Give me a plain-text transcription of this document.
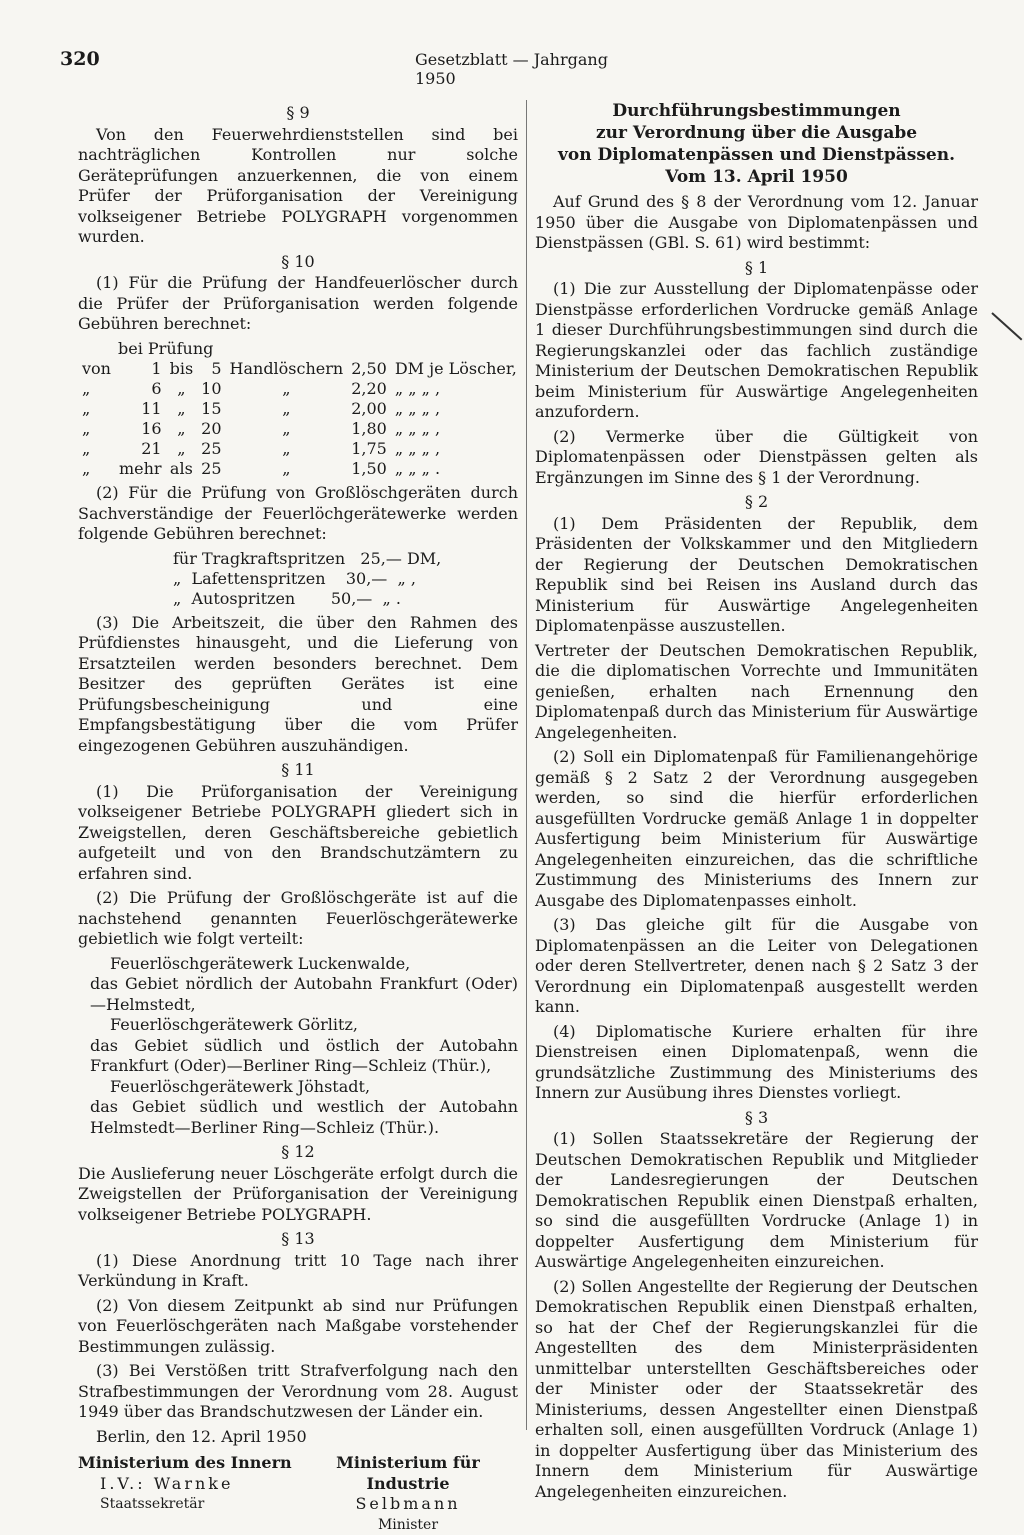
320	Gesetzblatt — Jahrgang 1950
§ 9

Von den Feuerwehrdienststellen sind bei nachträglichen Kontrollen nur solche Geräteprüfungen anzuerkennen, die von einem Prüfer der Prüforganisation der Vereinigung volkseigener Betriebe POLYGRAPH vorgenommen wurden.

§ 10

(1) Für die Prüfung der Handfeuerlöscher durch die Prüfer der Prüforganisation werden folgende Gebühren berechnet:

bei Prüfung
von	1	bis	5	Handlöschern	2,50	DM je Löscher,
„	6	„	10	„	2,20	„ „ „ ,
„	11	„	15	„	2,00	„ „ „ ,
„	16	„	20	„	1,80	„ „ „ ,
„	21	„	25	„	1,75	„ „ „ ,
„	mehr	als	25	„	1,50	„ „ „ .

(2) Für die Prüfung von Großlöschgeräten durch Sachverständige der Feuerlöchgerätewerke werden folgende Gebühren berechnet:

für Tragkraftspritzen   25,— DM,
„  Lafettenspritzen    30,—  „ ,
„  Autospritzen       50,—  „ .

(3) Die Arbeitszeit, die über den Rahmen des Prüfdienstes hinausgeht, und die Lieferung von Ersatzteilen werden besonders berechnet. Dem Besitzer des geprüften Gerätes ist eine Prüfungsbescheinigung und eine Empfangsbestätigung über die vom Prüfer eingezogenen Gebühren auszuhändigen.

§ 11

(1) Die Prüforganisation der Vereinigung volkseigener Betriebe POLYGRAPH gliedert sich in Zweigstellen, deren Geschäftsbereiche gebietlich aufgeteilt und von den Brandschutzämtern zu erfahren sind.

(2) Die Prüfung der Großlöschgeräte ist auf die nachstehend genannten Feuerlöschgerätewerke gebietlich wie folgt verteilt:

Feuerlöschgerätewerk Luckenwalde,
das Gebiet nördlich der Autobahn Frankfurt (Oder)—Helmstedt,
Feuerlöschgerätewerk Görlitz,
das Gebiet südlich und östlich der Autobahn Frankfurt (Oder)—Berliner Ring—Schleiz (Thür.),
Feuerlöschgerätewerk Jöhstadt,
das Gebiet südlich und westlich der Autobahn Helmstedt—Berliner Ring—Schleiz (Thür.).
§ 12

Die Auslieferung neuer Löschgeräte erfolgt durch die Zweigstellen der Prüforganisation der Vereinigung volkseigener Betriebe POLYGRAPH.

§ 13

(1) Diese Anordnung tritt 10 Tage nach ihrer Verkündung in Kraft.

(2) Von diesem Zeitpunkt ab sind nur Prüfungen von Feuerlöschgeräten nach Maßgabe vorstehender Bestimmungen zulässig.

(3) Bei Verstößen tritt Strafverfolgung nach den Strafbestimmungen der Verordnung vom 28. August 1949 über das Brandschutzwesen der Länder ein.

Berlin, den 12. April 1950

Ministerium des Innern
I.V.: Warnke
Staatssekretär
Ministerium für Industrie
Selbmann
Minister
Durchführungsbestimmungen
zur Verordnung über die Ausgabe
von Diplomatenpässen und Dienstpässen.
Vom 13. April 1950

Auf Grund des § 8 der Verordnung vom 12. Januar 1950 über die Ausgabe von Diplomatenpässen und Dienstpässen (GBl. S. 61) wird bestimmt:

§ 1

(1) Die zur Ausstellung der Diplomatenpässe oder Dienstpässe erforderlichen Vordrucke gemäß Anlage 1 dieser Durchführungsbestimmungen sind durch die Regierungskanzlei oder das fachlich zuständige Ministerium der Deutschen Demokratischen Republik beim Ministerium für Auswärtige Angelegenheiten anzufordern.

(2) Vermerke über die Gültigkeit von Diplomatenpässen oder Dienstpässen gelten als Ergänzungen im Sinne des § 1 der Verordnung.

§ 2

(1) Dem Präsidenten der Republik, dem Präsidenten der Volkskammer und den Mitgliedern der Regierung der Deutschen Demokratischen Republik sind bei Reisen ins Ausland durch das Ministerium für Auswärtige Angelegenheiten Diplomatenpässe auszustellen.

Vertreter der Deutschen Demokratischen Republik, die die diplomatischen Vorrechte und Immunitäten genießen, erhalten nach Ernennung den Diplomatenpaß durch das Ministerium für Auswärtige Angelegenheiten.

(2) Soll ein Diplomatenpaß für Familienangehörige gemäß § 2 Satz 2 der Verordnung ausgegeben werden, so sind die hierfür erforderlichen ausgefüllten Vordrucke gemäß Anlage 1 in doppelter Ausfertigung beim Ministerium für Auswärtige Angelegenheiten einzureichen, das die schriftliche Zustimmung des Ministeriums des Innern zur Ausgabe des Diplomatenpasses einholt.

(3) Das gleiche gilt für die Ausgabe von Diplomatenpässen an die Leiter von Delegationen oder deren Stellvertreter, denen nach § 2 Satz 3 der Verordnung ein Diplomatenpaß ausgestellt werden kann.

(4) Diplomatische Kuriere erhalten für ihre Dienstreisen einen Diplomatenpaß, wenn die grundsätzliche Zustimmung des Ministeriums des Innern zur Ausübung ihres Dienstes vorliegt.

§ 3

(1) Sollen Staatssekretäre der Regierung der Deutschen Demokratischen Republik und Mitglieder der Landesregierungen der Deutschen Demokratischen Republik einen Dienstpaß erhalten, so sind die ausgefüllten Vordrucke (Anlage 1) in doppelter Ausfertigung dem Ministerium für Auswärtige Angelegenheiten einzureichen.

(2) Sollen Angestellte der Regierung der Deutschen Demokratischen Republik einen Dienstpaß erhalten, so hat der Chef der Regierungskanzlei für die Angestellten des dem Ministerpräsidenten unmittelbar unterstellten Geschäftsbereiches oder der Minister oder der Staatssekretär des Ministeriums, dessen Angestellter einen Dienstpaß erhalten soll, einen ausgefüllten Vordruck (Anlage 1) in doppelter Ausfertigung über das Ministerium des Innern dem Ministerium für Auswärtige Angelegenheiten einzureichen.
